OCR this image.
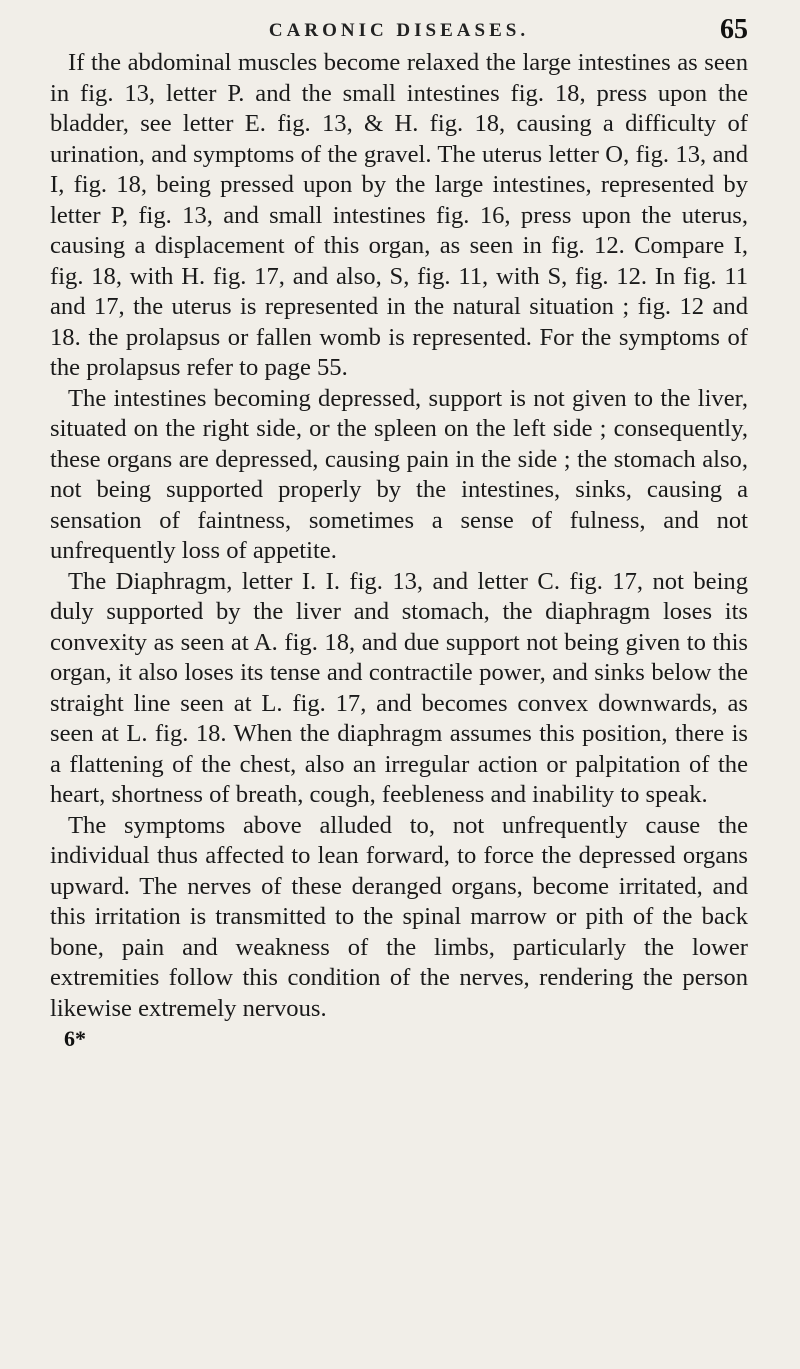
CARONIC DISEASES.	65

If the abdominal muscles become relaxed the large intestines as seen in fig. 13, letter P. and the small intestines fig. 18, press upon the bladder, see letter E. fig. 13, & H. fig. 18, causing a difficulty of urination, and symptoms of the gravel. The uterus letter O, fig. 13, and I, fig. 18, being pressed upon by the large intestines, represented by letter P, fig. 13, and small intestines fig. 16, press upon the uterus, causing a displacement of this organ, as seen in fig. 12. Compare I, fig. 18, with H. fig. 17, and also, S, fig. 11, with S, fig. 12. In fig. 11 and 17, the uterus is represented in the natural situation ; fig. 12 and 18. the prolapsus or fallen womb is represented. For the symptoms of the prolapsus refer to page 55.

The intestines becoming depressed, support is not given to the liver, situated on the right side, or the spleen on the left side ; consequently, these organs are depressed, causing pain in the side ; the stomach also, not being supported properly by the intestines, sinks, causing a sensation of faintness, sometimes a sense of fulness, and not unfrequently loss of appetite.

The Diaphragm, letter I. I. fig. 13, and letter C. fig. 17, not being duly supported by the liver and stomach, the diaphragm loses its convexity as seen at A. fig. 18, and due support not being given to this organ, it also loses its tense and contractile power, and sinks below the straight line seen at L. fig. 17, and becomes convex downwards, as seen at L. fig. 18. When the diaphragm assumes this position, there is a flattening of the chest, also an irregular action or palpitation of the heart, shortness of breath, cough, feebleness and inability to speak.

The symptoms above alluded to, not unfrequently cause the individual thus affected to lean forward, to force the depressed organs upward. The nerves of these deranged organs, become irritated, and this irritation is transmitted to the spinal marrow or pith of the back bone, pain and weakness of the limbs, particularly the lower extremities follow this condition of the nerves, rendering the person likewise extremely nervous.

6*
